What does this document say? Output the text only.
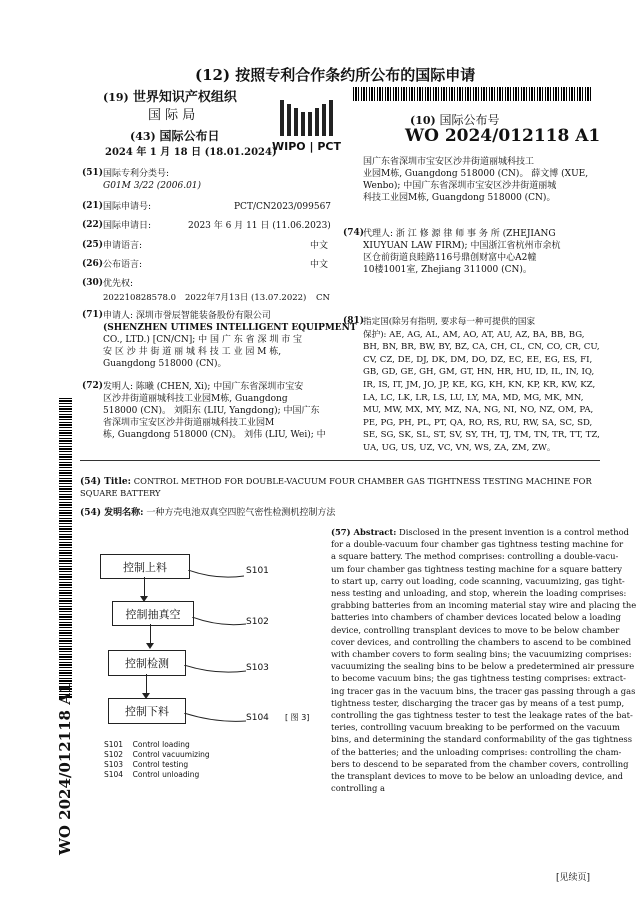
(12) 按照专利合作条约所公布的国际申请
(19) 世界知识产权组织
国 际 局
(43) 国际公布日
2024 年 1 月 18 日 (18.01.2024)
WIPO | PCT
(10) 国际公布号
WO 2024/012118 A1
(51) 国际专利分类号:
G01M 3/22 (2006.01)
(21) 国际申请号:	PCT/CN2023/099567
(22) 国际申请日:	2023 年 6 月 11 日 (11.06.2023)
(25) 申请语言:	中文
(26) 公布语言:	中文
(30) 优先权:
202210828578.0 2022年7月13日 (13.07.2022) CN
(71) 申请人: 深圳市誉辰智能装备股份有限公司
(SHENZHEN UTIMES INTELLIGENT EQUIPMENT
CO., LTD.) [CN/CN]; 中 国 广 东 省 深 圳 市 宝
安 区 沙 井 街 道 丽 城 科 技 工 业 园 M 栋,
Guangdong 518000 (CN)。
(72) 发明人: 陈曦 (CHEN, Xi); 中国广东省深圳市宝安
区沙井街道丽城科技工业园M栋, Guangdong
518000 (CN)。 刘阳东 (LIU, Yangdong); 中国广东
省深圳市宝安区沙井街道丽城科技工业园M
栋, Guangdong 518000 (CN)。 刘伟 (LIU, Wei); 中
WO 2024/012118 A1
国广东省深圳市宝安区沙井街道丽城科技工
业园M栋, Guangdong 518000 (CN)。 薛文博 (XUE,
Wenbo); 中国广东省深圳市宝安区沙井街道丽城
科技工业园M栋, Guangdong 518000 (CN)。
(74)
代理人: 浙 江 修 源 律 师 事 务 所 (ZHEJIANG
XIUYUAN LAW FIRM); 中国浙江省杭州市余杭
区仓前街道良睦路116号鼎创财富中心A2幢
10楼1001室, Zhejiang 311000 (CN)。
(81)
指定国(除另有指明, 要求每一种可提供的国家
保护): AE, AG, AL, AM, AO, AT, AU, AZ, BA, BB, BG,
BH, BN, BR, BW, BY, BZ, CA, CH, CL, CN, CO, CR, CU,
CV, CZ, DE, DJ, DK, DM, DO, DZ, EC, EE, EG, ES, FI,
GB, GD, GE, GH, GM, GT, HN, HR, HU, ID, IL, IN, IQ,
IR, IS, IT, JM, JO, JP, KE, KG, KH, KN, KP, KR, KW, KZ,
LA, LC, LK, LR, LS, LU, LY, MA, MD, MG, MK, MN,
MU, MW, MX, MY, MZ, NA, NG, NI, NO, NZ, OM, PA,
PE, PG, PH, PL, PT, QA, RO, RS, RU, RW, SA, SC, SD,
SE, SG, SK, SL, ST, SV, SY, TH, TJ, TM, TN, TR, TT, TZ,
UA, UG, US, UZ, VC, VN, WS, ZA, ZM, ZW。
(54) Title: CONTROL METHOD FOR DOUBLE-VACUUM FOUR CHAMBER GAS TIGHTNESS TESTING MACHINE FOR
SQUARE BATTERY
(54) 发明名称: 一种方壳电池双真空四腔气密性检测机控制方法
控制上料	S101
控制抽真空
S102
控制检测	S103
控制下料	S104 [ 图 3]
S101    Control loading
S102    Control vacuumizing
S103    Control testing
S104    Control unloading
(57) Abstract: Disclosed in the present invention is a control method
for a double-vacuum four chamber gas tightness testing machine for
a square battery. The method comprises: controlling a double-vacu-
um four chamber gas tightness testing machine for a square battery
to start up, carry out loading, code scanning, vacuumizing, gas tight-
ness testing and unloading, and stop, wherein the loading comprises:
grabbing batteries from an incoming material stay wire and placing the
batteries into chambers of chamber devices located below a loading
device, controlling transplant devices to move to be below chamber
cover devices, and controlling the chambers to ascend to be combined
with chamber covers to form sealing bins; the vacuumizing comprises:
vacuumizing the sealing bins to be below a predetermined air pressure
to become vacuum bins; the gas tightness testing comprises: extract-
ing tracer gas in the vacuum bins, the tracer gas passing through a gas
tightness tester, discharging the tracer gas by means of a test pump,
controlling the gas tightness tester to test the leakage rates of the bat-
teries, controlling vacuum breaking to be performed on the vacuum
bins, and determining the standard conformability of the gas tightness
of the batteries; and the unloading comprises: controlling the cham-
bers to descend to be separated from the chamber covers, controlling
the transplant devices to move to be below an unloading device, and
controlling a
[见续页]
